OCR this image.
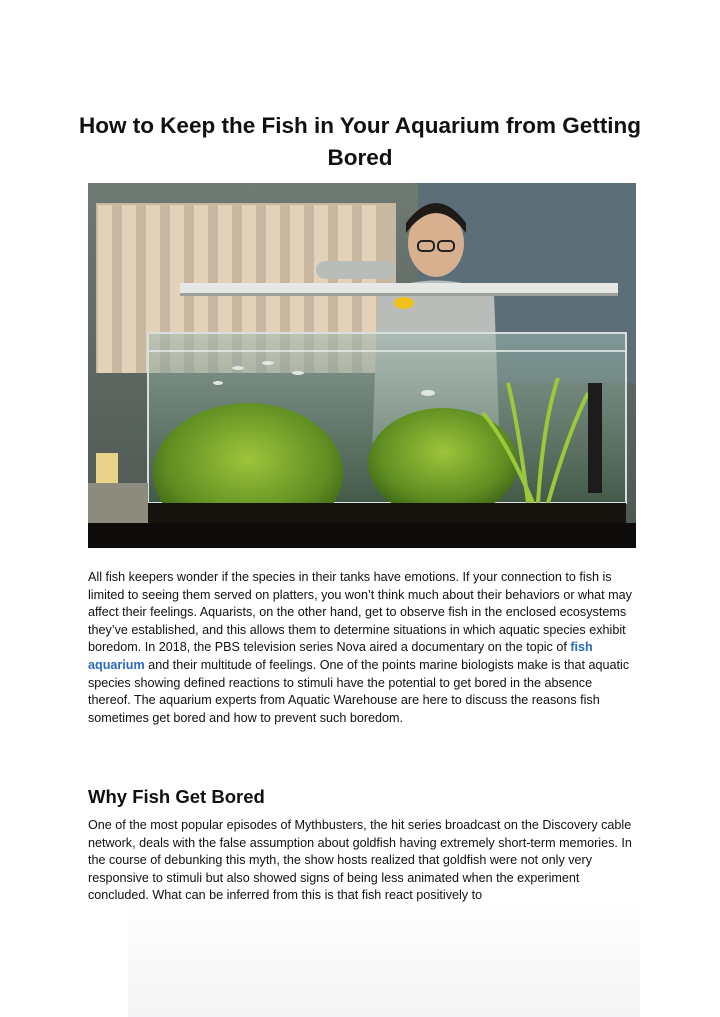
How to Keep the Fish in Your Aquarium from Getting Bored

All fish keepers wonder if the species in their tanks have emotions. If your connection to fish is limited to seeing them served on platters, you won’t think much about their behaviors or what may affect their feelings. Aquarists, on the other hand, get to observe fish in the enclosed ecosystems they’ve established, and this allows them to determine situations in which aquatic species exhibit boredom. In 2018, the PBS television series Nova aired a documentary on the topic of fish aquarium and their multitude of feelings. One of the points marine biologists make is that aquatic species showing defined reactions to stimuli have the potential to get bored in the absence thereof. The aquarium experts from Aquatic Warehouse are here to discuss the reasons fish sometimes get bored and how to prevent such boredom.

Why Fish Get Bored

One of the most popular episodes of Mythbusters, the hit series broadcast on the Discovery cable network, deals with the false assumption about goldfish having extremely short-term memories. In the course of debunking this myth, the show hosts realized that goldfish were not only very responsive to stimuli but also showed signs of being less animated when the experiment concluded. What can be inferred from this is that fish react positively to
